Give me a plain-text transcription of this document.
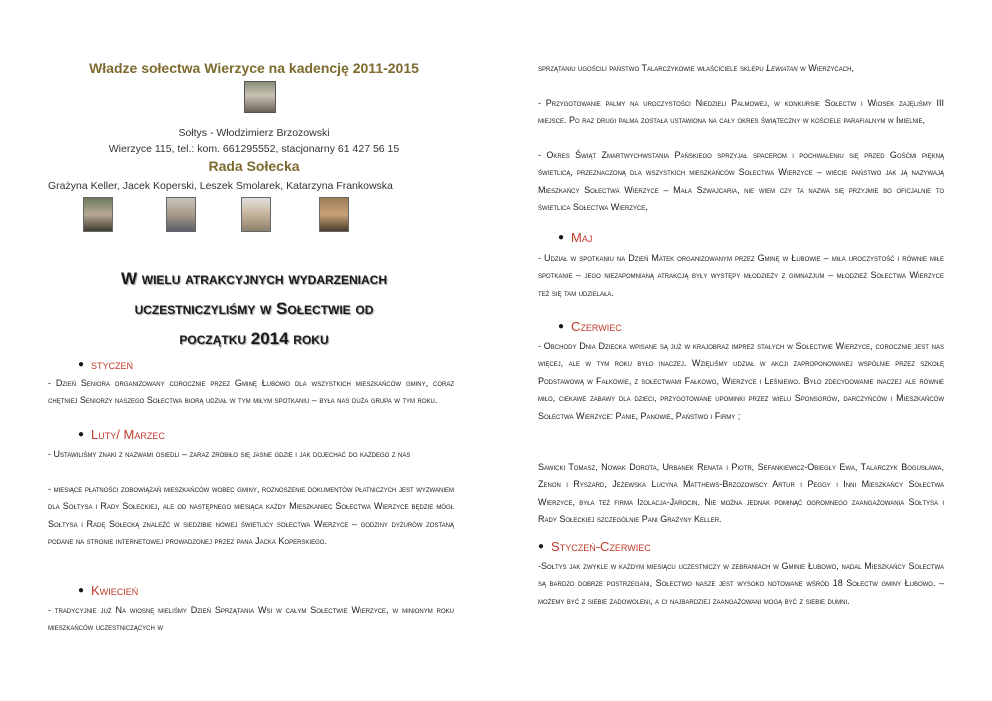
Władze sołectwa Wierzyce na kadencję 2011-2015
Sołtys - Włodzimierz Brzozowski
Wierzyce 115, tel.: kom. 661295552, stacjonarny 61 427 56 15
Rada Sołecka
Grażyna Keller, Jacek Koperski, Leszek Smolarek, Katarzyna Frankowska
W wielu atrakcyjnych wydarzeniach
uczestniczyliśmy w Sołectwie od
początku 2014 roku
● styczeń
- Dzień Seniora organizowany corocznie przez Gminę Łubowo dla wszystkich mieszkańców gminy, coraz chętniej Seniorzy naszego Sołectwa biorą udział w tym miłym spotkaniu – była nas duża grupa w tym roku.
● Luty/ Marzec
- Ustawiliśmy znaki z nazwami osiedli – zaraz zrobiło się jasne gdzie i jak dojechać do każdego z nas
- miesiące płatności zobowiązań mieszkańców wobec gminy, roznoszenie dokumentów płatniczych jest wyzwaniem dla Sołtysa i Rady Sołeckiej, ale od następnego miesiąca każdy Mieszkaniec Sołectwa Wierzyce będzie mógł Sołtysa i Radę Sołecką znaleźć w siedzibie nowej świetlicy sołectwa Wierzyce – godziny dyżurów zostaną podane na stronie internetowej prowadzonej przez pana Jacka Koperskiego.
● Kwiecień
- tradycyjnie już Na wiosnę mieliśmy Dzień Sprzątania Wsi w całym Sołectwie Wierzyce, w minionym roku mieszkańców uczestniczących w
sprzątaniu ugościli państwo Talarczykowie właściciele sklepu Lewiatan w Wierzycach,
- Przygotowanie palmy na uroczystości Niedzieli Palmowej, w konkursie Sołectw i Wiosek zajęliśmy III miejsce. Po raz drugi palma została ustawiona na cały okres świąteczny w kościele parafialnym w Imielnie,
- Okres Świąt Zmartwychwstania Pańskiego sprzyjał spacerom i pochwaleniu się przed Gośćmi piękną świetlicą, przeznaczoną dla wszystkich mieszkańców Sołectwa Wierzyce – wiecie państwo jak ją nazywają Mieszkańcy Sołectwa Wierzyce – Mała Szwajcaria, nie wiem czy ta nazwa się przyjmie bo oficjalnie to świetlica Sołectwa Wierzyce,
● Maj
- Udział w spotkaniu na Dzień Matek organizowanym przez Gminę w Łubowie – miła uroczystość i równie miłe spotkanie – jego niezapomnianą atrakcją były występy młodzieży z gimnazjum – młodzież Sołectwa Wierzyce też się tam udzielała.
● Czerwiec
- Obchody Dnia Dziecka wpisane są już w krajobraz imprez stałych w Sołectwie Wierzyce, corocznie jest nas więcej, ale w tym roku było inaczej. Wzięliśmy udział w akcji zaproponowanej wspólnie przez szkołę Podstawową w Fałkowie, z sołectwami Fałkowo, Wierzyce i Leśniewo. Było zdecydowanie inaczej ale równie miło, ciekawe zabawy dla dzieci, przygotowane upominki przez wielu Sponsorów, darczyńców i Mieszkańców Sołectwa Wierzyce: Panie, Panowie, Państwo i Firmy ;
Sawicki Tomasz, Nowak Dorota, Urbanek Renata i Piotr, Sefankiewicz-Obiegły Ewa, Talarczyk Bogusława, Zenon i Ryszard, Jeżewska Lucyna Matthews-Brzozowscy Artur i Peggy i Inni Mieszkańcy Sołectwa Wierzyce, była też firma Izolacja-Jarocin. Nie można jednak pominąć ogromnego zaangażowania Sołtysa i Rady Sołeckiej szczególnie Pani Grażyny Keller.
● Styczeń-Czerwiec
-Sołtys jak zwykle w każdym miesiącu uczestniczy w zebraniach w Gminie Łubowo, nadal Mieszkańcy Sołectwa są bardzo dobrze postrzegani, Sołectwo nasze jest wysoko notowane wśród 18 Sołectw gminy Łubowo. – możemy być z siebie zadowoleni, a ci najbardziej zaangażowani mogą być z siebie dumni.
